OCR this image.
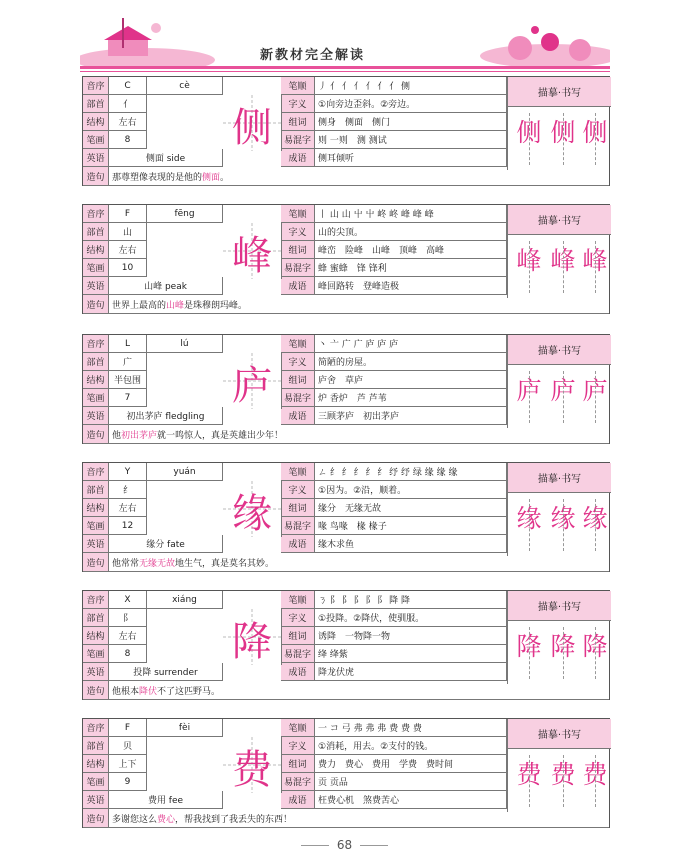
新教材完全解读
音序	C	cè
部首	亻
结构	左右
笔画	8
英语	侧面 side
笔顺	丿 亻 亻 亻 亻 亻 亻 侧
字义	①向旁边歪斜。②旁边。
组词	侧身　侧面　侧门
易混字 则 一则　测 测试
成语	侧耳倾听
造句 那尊塑像表现的是他的 侧面 。
侧
描摹·书写
侧 侧 侧
音序	F	fēng
部首	山
结构	左右
笔画	10
英语	山峰 peak
笔顺	丨 山 山 屮 屮 峂 峂 峰 峰 峰
字义	山的尖顶。
组词	峰峦　险峰　山峰　顶峰　高峰
易混字 蜂 蜜蜂　锋 锋利
成语	峰回路转　登峰造极
造句 世界上最高的 山峰 是珠穆朗玛峰。
峰
描摹·书写
峰 峰 峰
音序	L	lú
部首	广
结构	半包围
笔画	7
英语	初出茅庐 fledgling
笔顺	丶 亠 广 广 庐 庐 庐
字义	简陋的房屋。
组词	庐舍　草庐
易混字 炉 香炉　芦 芦苇
成语	三顾茅庐　初出茅庐
造句 他 初出茅庐 就一鸣惊人，真是英雄出少年！
庐
描摹·书写
庐 庐 庐
音序	Y	yuán
部首	纟
结构	左右
笔画	12
英语	缘分 fate
笔顺	ㄥ 纟 纟 纟 纟 纟 纾 纾 绿 缘 缘 缘
字义	①因为。②沿，顺着。
组词	缘分　无缘无故
易混字 喙 鸟喙　椽 椽子
成语	缘木求鱼
造句 他常常 无缘无故 地生气，真是莫名其妙。
缘
描摹·书写
缘 缘 缘
音序	X	xiáng
部首	阝
结构	左右
笔画	8
英语	投降 surrender
笔顺	ㄋ 阝 阝 阝 阝 阝 降 降
字义	①投降。②降伏，使驯服。
组词	诱降　一物降一物
易混字 绛 绛紫
成语	降龙伏虎
造句 他根本 降伏 不了这匹野马。
降
描摹·书写
降 降 降
音序	F	fèi
部首	贝
结构	上下
笔画	9
英语	费用 fee
笔顺	一 コ 弓 弗 弗 弗 费 费 费
字义	①消耗，用去。②支付的钱。
组词	费力　费心　费用　学费　费时间
易混字 贡 贡品
成语	枉费心机　煞费苦心
造句 多谢您这么 费心 ，帮我找到了我丢失的东西！
费
描摹·书写
费 费 费
68
